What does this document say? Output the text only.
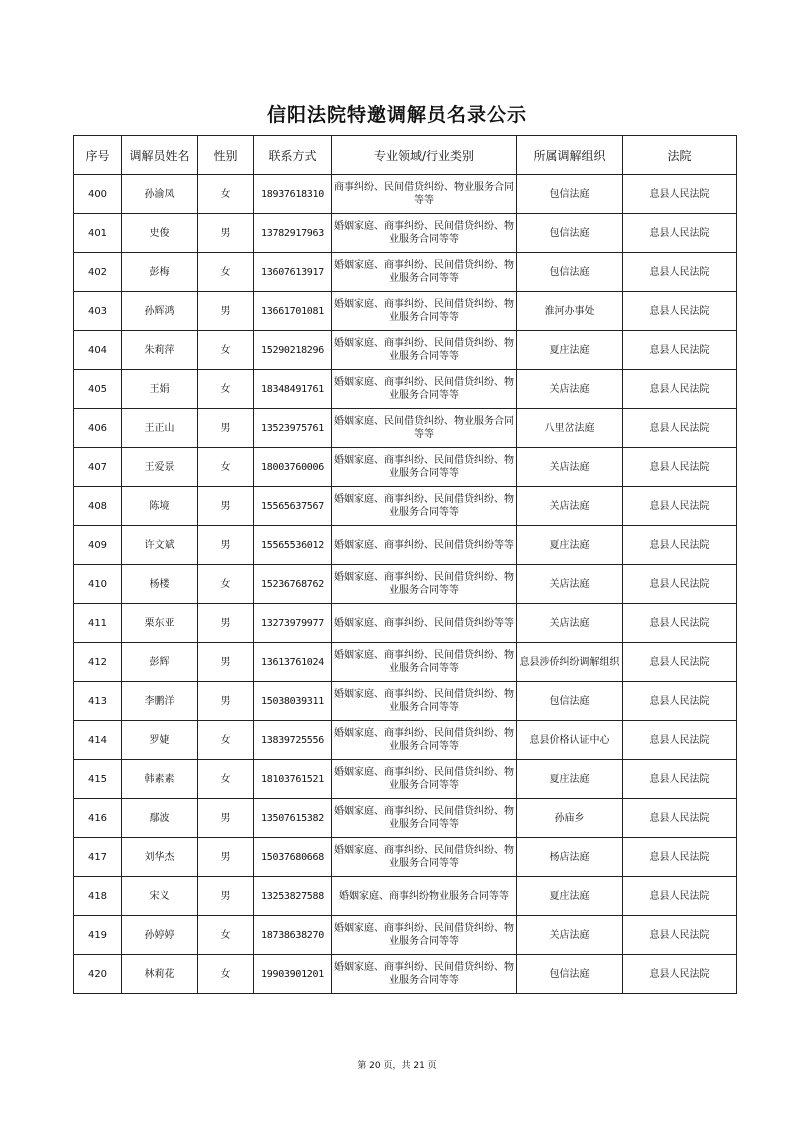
信阳法院特邀调解员名录公示
序号	调解员姓名	性别	联系方式	专业领域/行业类别	所属调解组织	法院
400	孙渝凤	女	18937618310	商事纠纷、民间借贷纠纷、物业服务合同等等	包信法庭	息县人民法院
401	史俊	男	13782917963	婚姻家庭、商事纠纷、民间借贷纠纷、物业服务合同等等	包信法庭	息县人民法院
402	彭梅	女	13607613917	婚姻家庭、商事纠纷、民间借贷纠纷、物业服务合同等等	包信法庭	息县人民法院
403	孙辉鸿	男	13661701081	婚姻家庭、商事纠纷、民间借贷纠纷、物业服务合同等等	淮河办事处	息县人民法院
404	朱莉萍	女	15290218296	婚姻家庭、商事纠纷、民间借贷纠纷、物业服务合同等等	夏庄法庭	息县人民法院
405	王娟	女	18348491761	婚姻家庭、商事纠纷、民间借贷纠纷、物业服务合同等等	关店法庭	息县人民法院
406	王正山	男	13523975761	婚姻家庭、民间借贷纠纷、物业服务合同等等	八里岔法庭	息县人民法院
407	王爱景	女	18003760006	婚姻家庭、商事纠纷、民间借贷纠纷、物业服务合同等等	关店法庭	息县人民法院
408	陈境	男	15565637567	婚姻家庭、商事纠纷、民间借贷纠纷、物业服务合同等等	关店法庭	息县人民法院
409	许文斌	男	15565536012	婚姻家庭、商事纠纷、民间借贷纠纷等等	夏庄法庭	息县人民法院
410	杨楼	女	15236768762	婚姻家庭、商事纠纷、民间借贷纠纷、物业服务合同等等	关店法庭	息县人民法院
411	栗东亚	男	13273979977	婚姻家庭、商事纠纷、民间借贷纠纷等等	关店法庭	息县人民法院
412	彭辉	男	13613761024	婚姻家庭、商事纠纷、民间借贷纠纷、物业服务合同等等	息县涉侨纠纷调解组织	息县人民法院
413	李鹏洋	男	15038039311	婚姻家庭、商事纠纷、民间借贷纠纷、物业服务合同等等	包信法庭	息县人民法院
414	罗婕	女	13839725556	婚姻家庭、商事纠纷、民间借贷纠纷、物业服务合同等等	息县价格认证中心	息县人民法院
415	韩素素	女	18103761521	婚姻家庭、商事纠纷、民间借贷纠纷、物业服务合同等等	夏庄法庭	息县人民法院
416	鄢波	男	13507615382	婚姻家庭、商事纠纷、民间借贷纠纷、物业服务合同等等	孙庙乡	息县人民法院
417	刘华杰	男	15037680668	婚姻家庭、商事纠纷、民间借贷纠纷、物业服务合同等等	杨店法庭	息县人民法院
418	宋义	男	13253827588	婚姻家庭、商事纠纷物业服务合同等等	夏庄法庭	息县人民法院
419	孙婷婷	女	18738638270	婚姻家庭、商事纠纷、民间借贷纠纷、物业服务合同等等	关店法庭	息县人民法院
420	林莉花	女	19903901201	婚姻家庭、商事纠纷、民间借贷纠纷、物业服务合同等等	包信法庭	息县人民法院
第 20 页，共 21 页
